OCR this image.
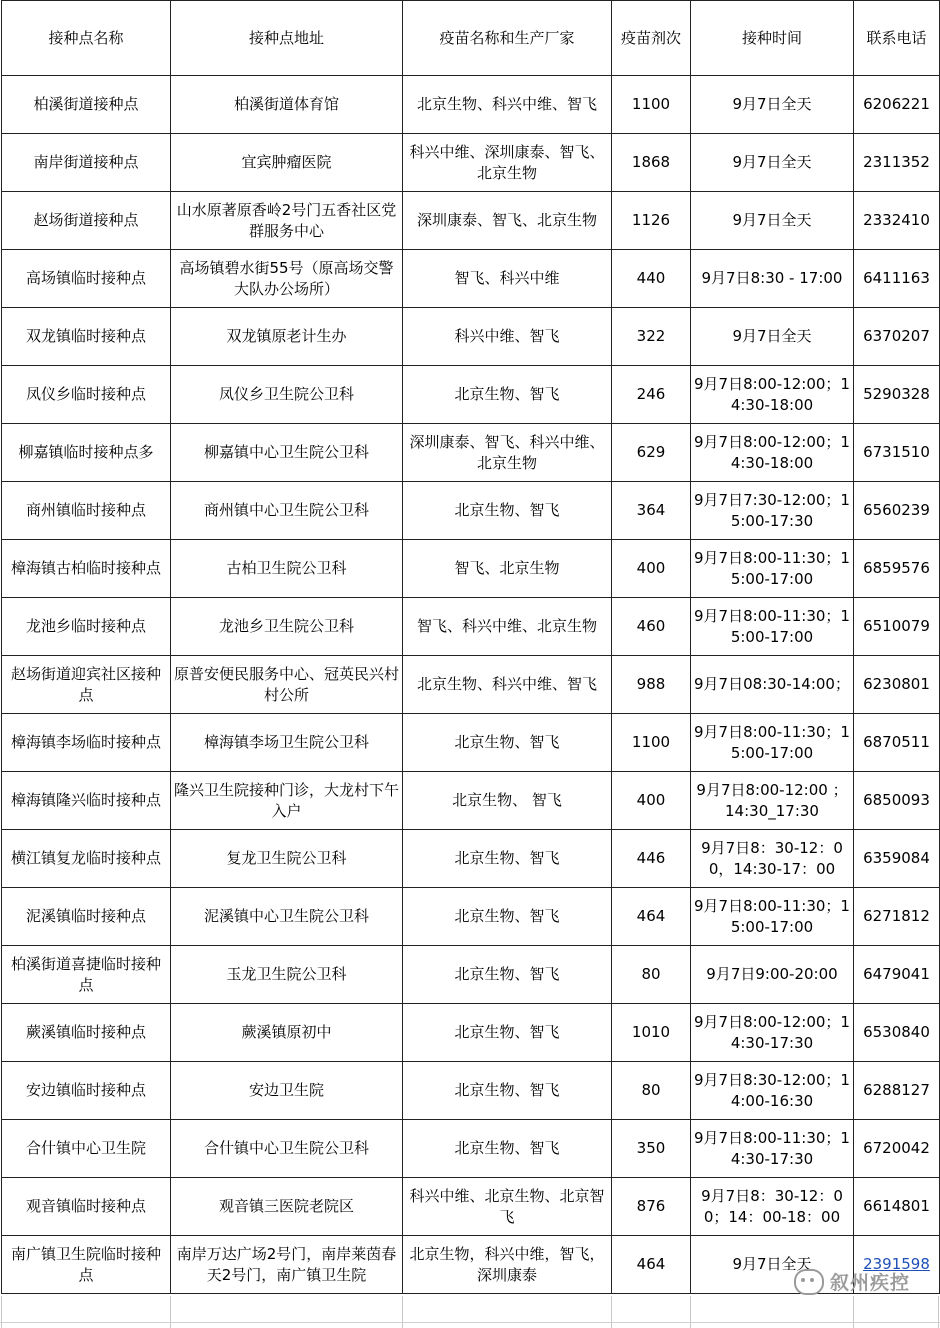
接种点名称	接种点地址	疫苗名称和生产厂家	疫苗剂次	接种时间	联系电话
柏溪街道接种点	柏溪街道体育馆	北京生物、科兴中维、智飞	1100	9月7日全天	6206221
南岸街道接种点	宜宾肿瘤医院	科兴中维、深圳康泰、智飞、北京生物	1868	9月7日全天	2311352
赵场街道接种点	山水原著原香岭2号门五香社区党群服务中心	深圳康泰、智飞、北京生物	1126	9月7日全天	2332410
高场镇临时接种点	高场镇碧水街55号（原高场交警大队办公场所）	智飞、科兴中维	440	9月7日8:30 - 17:00	6411163
双龙镇临时接种点	双龙镇原老计生办	科兴中维、智飞	322	9月7日全天	6370207
凤仪乡临时接种点	凤仪乡卫生院公卫科	北京生物、智飞	246	9月7日8:00-12:00；14:30-18:00	5290328
柳嘉镇临时接种点多	柳嘉镇中心卫生院公卫科	深圳康泰、智飞、科兴中维、北京生物	629	9月7日8:00-12:00；14:30-18:00	6731510
商州镇临时接种点	商州镇中心卫生院公卫科	北京生物、智飞	364	9月7日7:30-12:00；15:00-17:30	6560239
樟海镇古柏临时接种点	古柏卫生院公卫科	智飞、北京生物	400	9月7日8:00-11:30；15:00-17:00	6859576
龙池乡临时接种点	龙池乡卫生院公卫科	智飞、科兴中维、北京生物	460	9月7日8:00-11:30；15:00-17:00	6510079
赵场街道迎宾社区接种点	原普安便民服务中心、冠英民兴村村公所	北京生物、科兴中维、智飞	988	9月7日08:30-14:00；	6230801
樟海镇李场临时接种点	樟海镇李场卫生院公卫科	北京生物、智飞	1100	9月7日8:00-11:30；15:00-17:00	6870511
樟海镇隆兴临时接种点	隆兴卫生院接种门诊，大龙村下午入户	北京生物、 智飞	400	9月7日8:00-12:00 ；14:30_17:30	6850093
横江镇复龙临时接种点	复龙卫生院公卫科	北京生物、智飞	446	9月7日8：30-12：00，14:30-17：00	6359084
泥溪镇临时接种点	泥溪镇中心卫生院公卫科	北京生物、智飞	464	9月7日8:00-11:30；15:00-17:00	6271812
柏溪街道喜捷临时接种点	玉龙卫生院公卫科	北京生物、智飞	80	9月7日9:00-20:00	6479041
蕨溪镇临时接种点	蕨溪镇原初中	北京生物、智飞	1010	9月7日8:00-12:00；14:30-17:30	6530840
安边镇临时接种点	安边卫生院	北京生物、智飞	80	9月7日8:30-12:00；14:00-16:30	6288127
合什镇中心卫生院	合什镇中心卫生院公卫科	北京生物、智飞	350	9月7日8:00-11:30；14:30-17:30	6720042
观音镇临时接种点	观音镇三医院老院区	科兴中维、北京生物、北京智飞	876	9月7日8：30-12：00；14：00-18：00	6614801
南广镇卫生院临时接种点	南岸万达广场2号门，南岸莱茵春天2号门，南广镇卫生院	北京生物，科兴中维，智飞，深圳康泰	464	9月7日全天	2391598
叙州疾控
